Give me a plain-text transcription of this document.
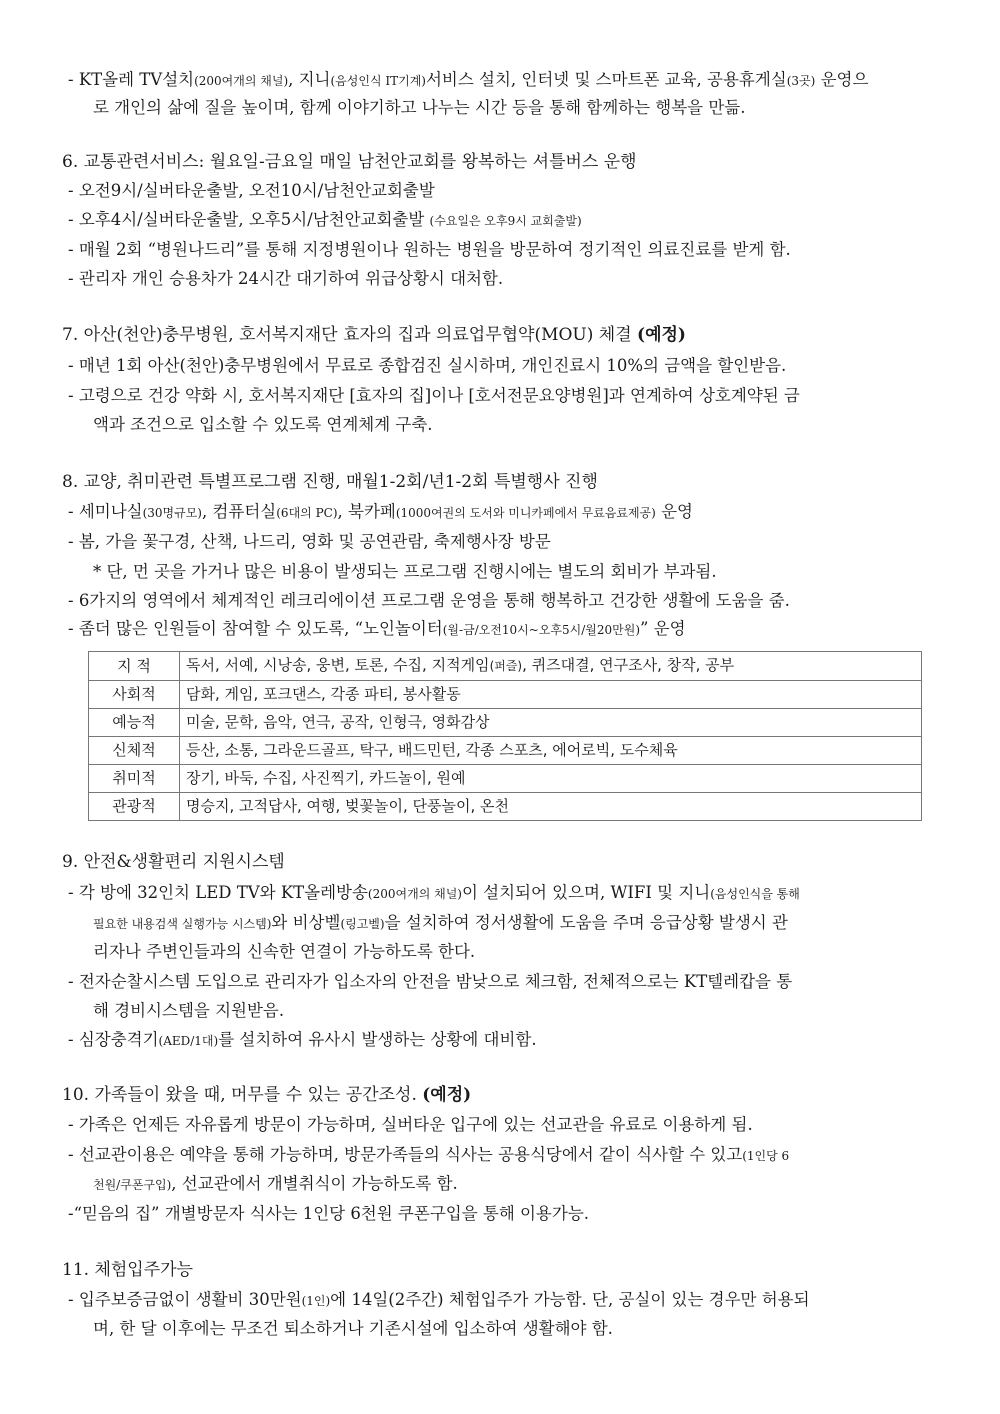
- KT올레 TV설치(200여개의 채널), 지니(음성인식 IT기계)서비스 설치, 인터넷 및 스마트폰 교육, 공용휴게실(3곳) 운영으
로 개인의 삶에 질을 높이며, 함께 이야기하고 나누는 시간 등을 통해 함께하는 행복을 만듦.
6. 교통관련서비스: 월요일-금요일 매일 남천안교회를 왕복하는 셔틀버스 운행
- 오전9시/실버타운출발, 오전10시/남천안교회출발
- 오후4시/실버타운출발, 오후5시/남천안교회출발 (수요일은 오후9시 교회출발)
- 매월 2회 “병원나드리”를 통해 지정병원이나 원하는 병원을 방문하여 정기적인 의료진료를 받게 함.
- 관리자 개인 승용차가 24시간 대기하여 위급상황시 대처함.
7. 아산(천안)충무병원, 호서복지재단 효자의 집과 의료업무협약(MOU) 체결 (예정)
- 매년 1회 아산(천안)충무병원에서 무료로 종합검진 실시하며, 개인진료시 10%의 금액을 할인받음.
- 고령으로 건강 약화 시, 호서복지재단 [효자의 집]이나 [호서전문요양병원]과 연계하여 상호계약된 금
액과 조건으로 입소할 수 있도록 연계체계 구축.
8. 교양, 취미관련 특별프로그램 진행, 매월1-2회/년1-2회 특별행사 진행
- 세미나실(30명규모), 컴퓨터실(6대의 PC), 북카페(1000여권의 도서와 미니카페에서 무료음료제공) 운영
- 봄, 가을 꽃구경, 산책, 나드리, 영화 및 공연관람, 축제행사장 방문
* 단, 먼 곳을 가거나 많은 비용이 발생되는 프로그램 진행시에는 별도의 회비가 부과됨.
- 6가지의 영역에서 체계적인 레크리에이션 프로그램 운영을 통해 행복하고 건강한 생활에 도움을 줌.
- 좀더 많은 인원들이 참여할 수 있도록, “노인놀이터(월-금/오전10시~오후5시/월20만원)” 운영
지 적	독서, 서예, 시낭송, 웅변, 토론, 수집, 지적게임(퍼즐), 퀴즈대결, 연구조사, 창작, 공부
사회적	담화, 게임, 포크댄스, 각종 파티, 봉사활동
예능적	미술, 문학, 음악, 연극, 공작, 인형극, 영화감상
신체적	등산, 소통, 그라운드골프, 탁구, 배드민턴, 각종 스포츠, 에어로빅, 도수체육
취미적	장기, 바둑, 수집, 사진찍기, 카드놀이, 원예
관광적	명승지, 고적답사, 여행, 벚꽃놀이, 단풍놀이, 온천
9. 안전&생활편리 지원시스템
- 각 방에 32인치 LED TV와 KT올레방송(200여개의 채널)이 설치되어 있으며, WIFI 및 지니(음성인식을 통해
필요한 내용검색 실행가능 시스템)와 비상벨(링고벨)을 설치하여 정서생활에 도움을 주며 응급상황 발생시 관
리자나 주변인들과의 신속한 연결이 가능하도록 한다.
- 전자순찰시스템 도입으로 관리자가 입소자의 안전을 밤낮으로 체크함, 전체적으로는 KT텔레캅을 통
해 경비시스템을 지원받음.
- 심장충격기(AED/1대)를 설치하여 유사시 발생하는 상황에 대비함.
10. 가족들이 왔을 때, 머무를 수 있는 공간조성. (예정)
- 가족은 언제든 자유롭게 방문이 가능하며, 실버타운 입구에 있는 선교관을 유료로 이용하게 됨.
- 선교관이용은 예약을 통해 가능하며, 방문가족들의 식사는 공용식당에서 같이 식사할 수 있고(1인당 6
천원/쿠폰구입), 선교관에서 개별취식이 가능하도록 함.
-“믿음의 집” 개별방문자 식사는 1인당 6천원 쿠폰구입을 통해 이용가능.
11. 체험입주가능
- 입주보증금없이 생활비 30만원(1인)에 14일(2주간) 체험입주가 가능함. 단, 공실이 있는 경우만 허용되
며, 한 달 이후에는 무조건 퇴소하거나 기존시설에 입소하여 생활해야 함.
